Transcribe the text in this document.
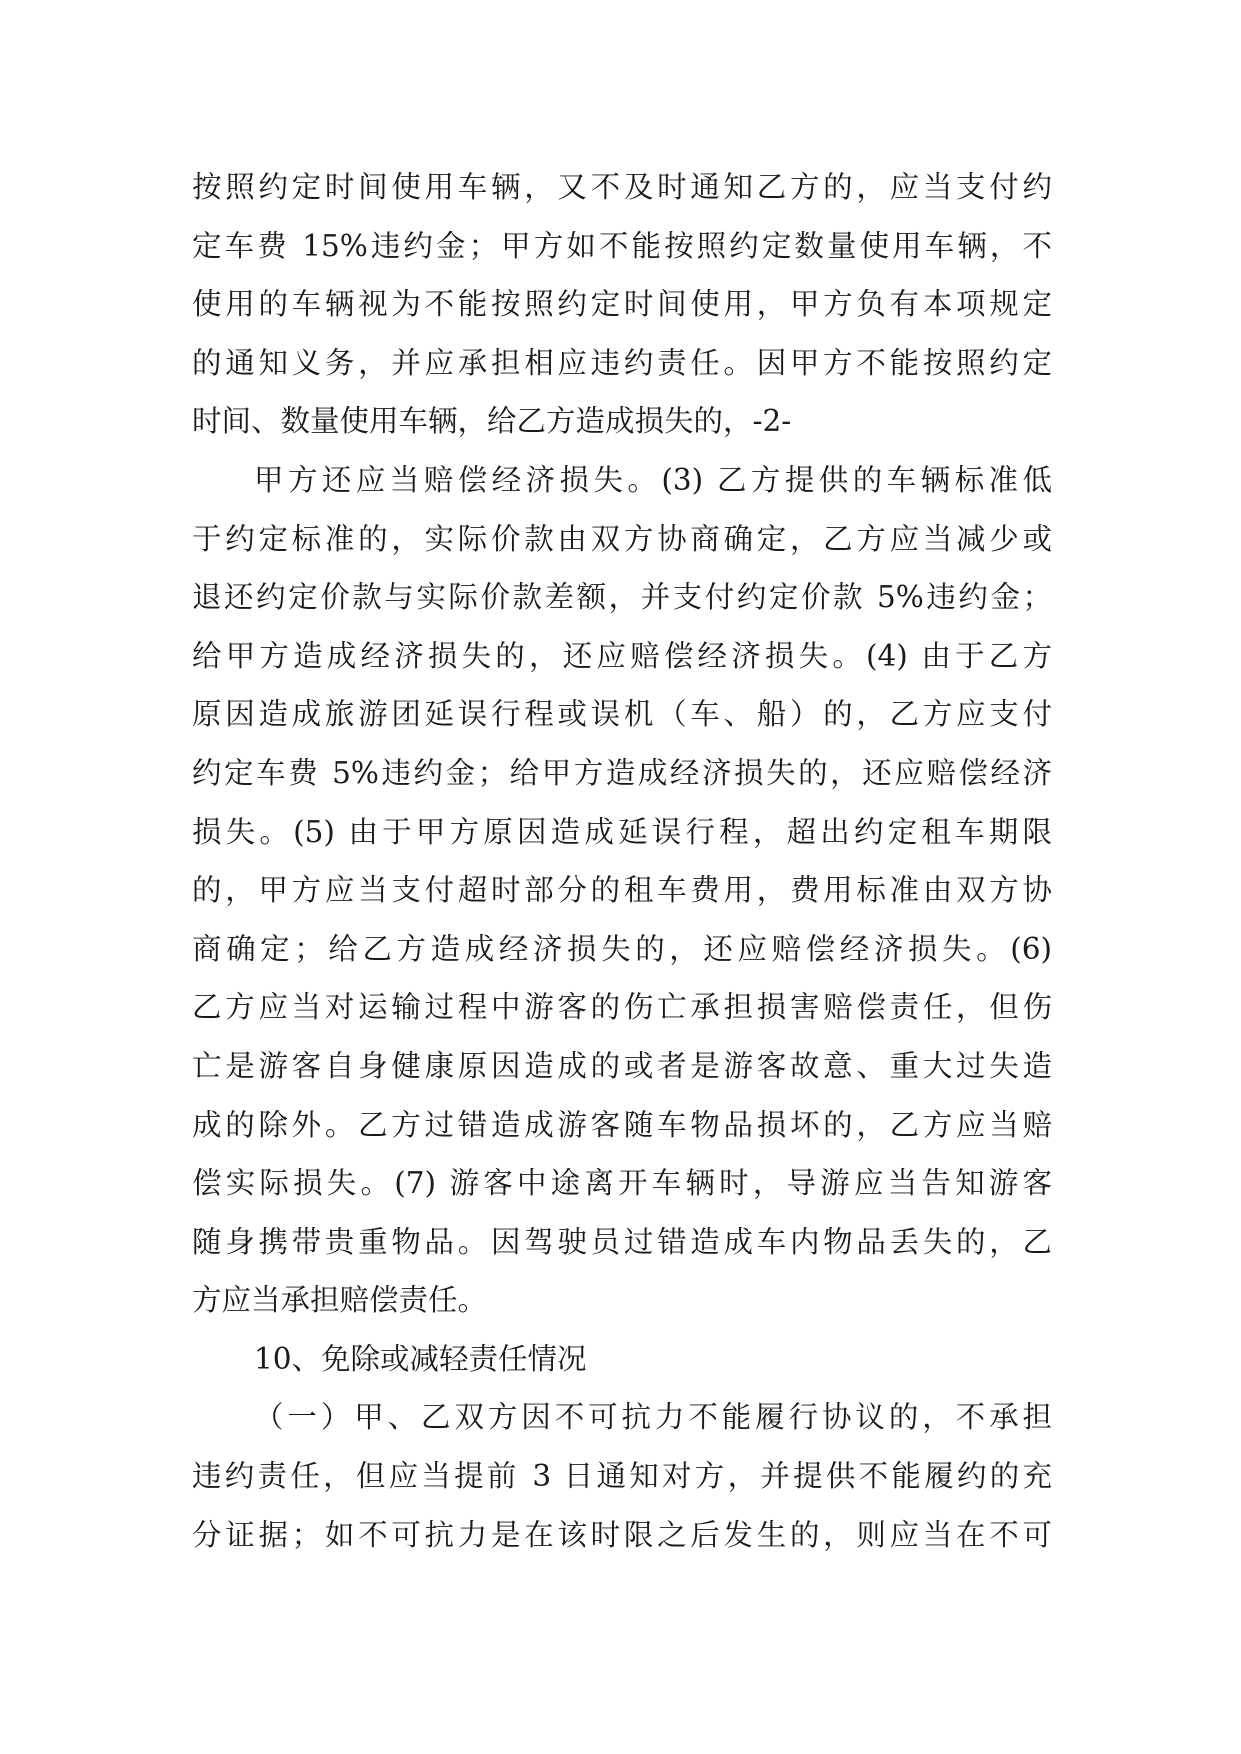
按照约定时间使用车辆，又不及时通知乙方的，应当支付约
定车费 15%违约金；甲方如不能按照约定数量使用车辆，不
使用的车辆视为不能按照约定时间使用，甲方负有本项规定
的通知义务，并应承担相应违约责任。因甲方不能按照约定
时间、数量使用车辆，给乙方造成损失的，-2-
甲方还应当赔偿经济损失。(3) 乙方提供的车辆标准低
于约定标准的，实际价款由双方协商确定，乙方应当减少或
退还约定价款与实际价款差额，并支付约定价款 5%违约金；
给甲方造成经济损失的，还应赔偿经济损失。(4) 由于乙方
原因造成旅游团延误行程或误机（车、船）的，乙方应支付
约定车费 5%违约金；给甲方造成经济损失的，还应赔偿经济
损失。(5) 由于甲方原因造成延误行程，超出约定租车期限
的，甲方应当支付超时部分的租车费用，费用标准由双方协
商确定；给乙方造成经济损失的，还应赔偿经济损失。(6)
乙方应当对运输过程中游客的伤亡承担损害赔偿责任，但伤
亡是游客自身健康原因造成的或者是游客故意、重大过失造
成的除外。乙方过错造成游客随车物品损坏的，乙方应当赔
偿实际损失。(7) 游客中途离开车辆时，导游应当告知游客
随身携带贵重物品。因驾驶员过错造成车内物品丢失的，乙
方应当承担赔偿责任。
10、免除或减轻责任情况
（一）甲、乙双方因不可抗力不能履行协议的，不承担
违约责任，但应当提前 3 日通知对方，并提供不能履约的充
分证据；如不可抗力是在该时限之后发生的，则应当在不可
